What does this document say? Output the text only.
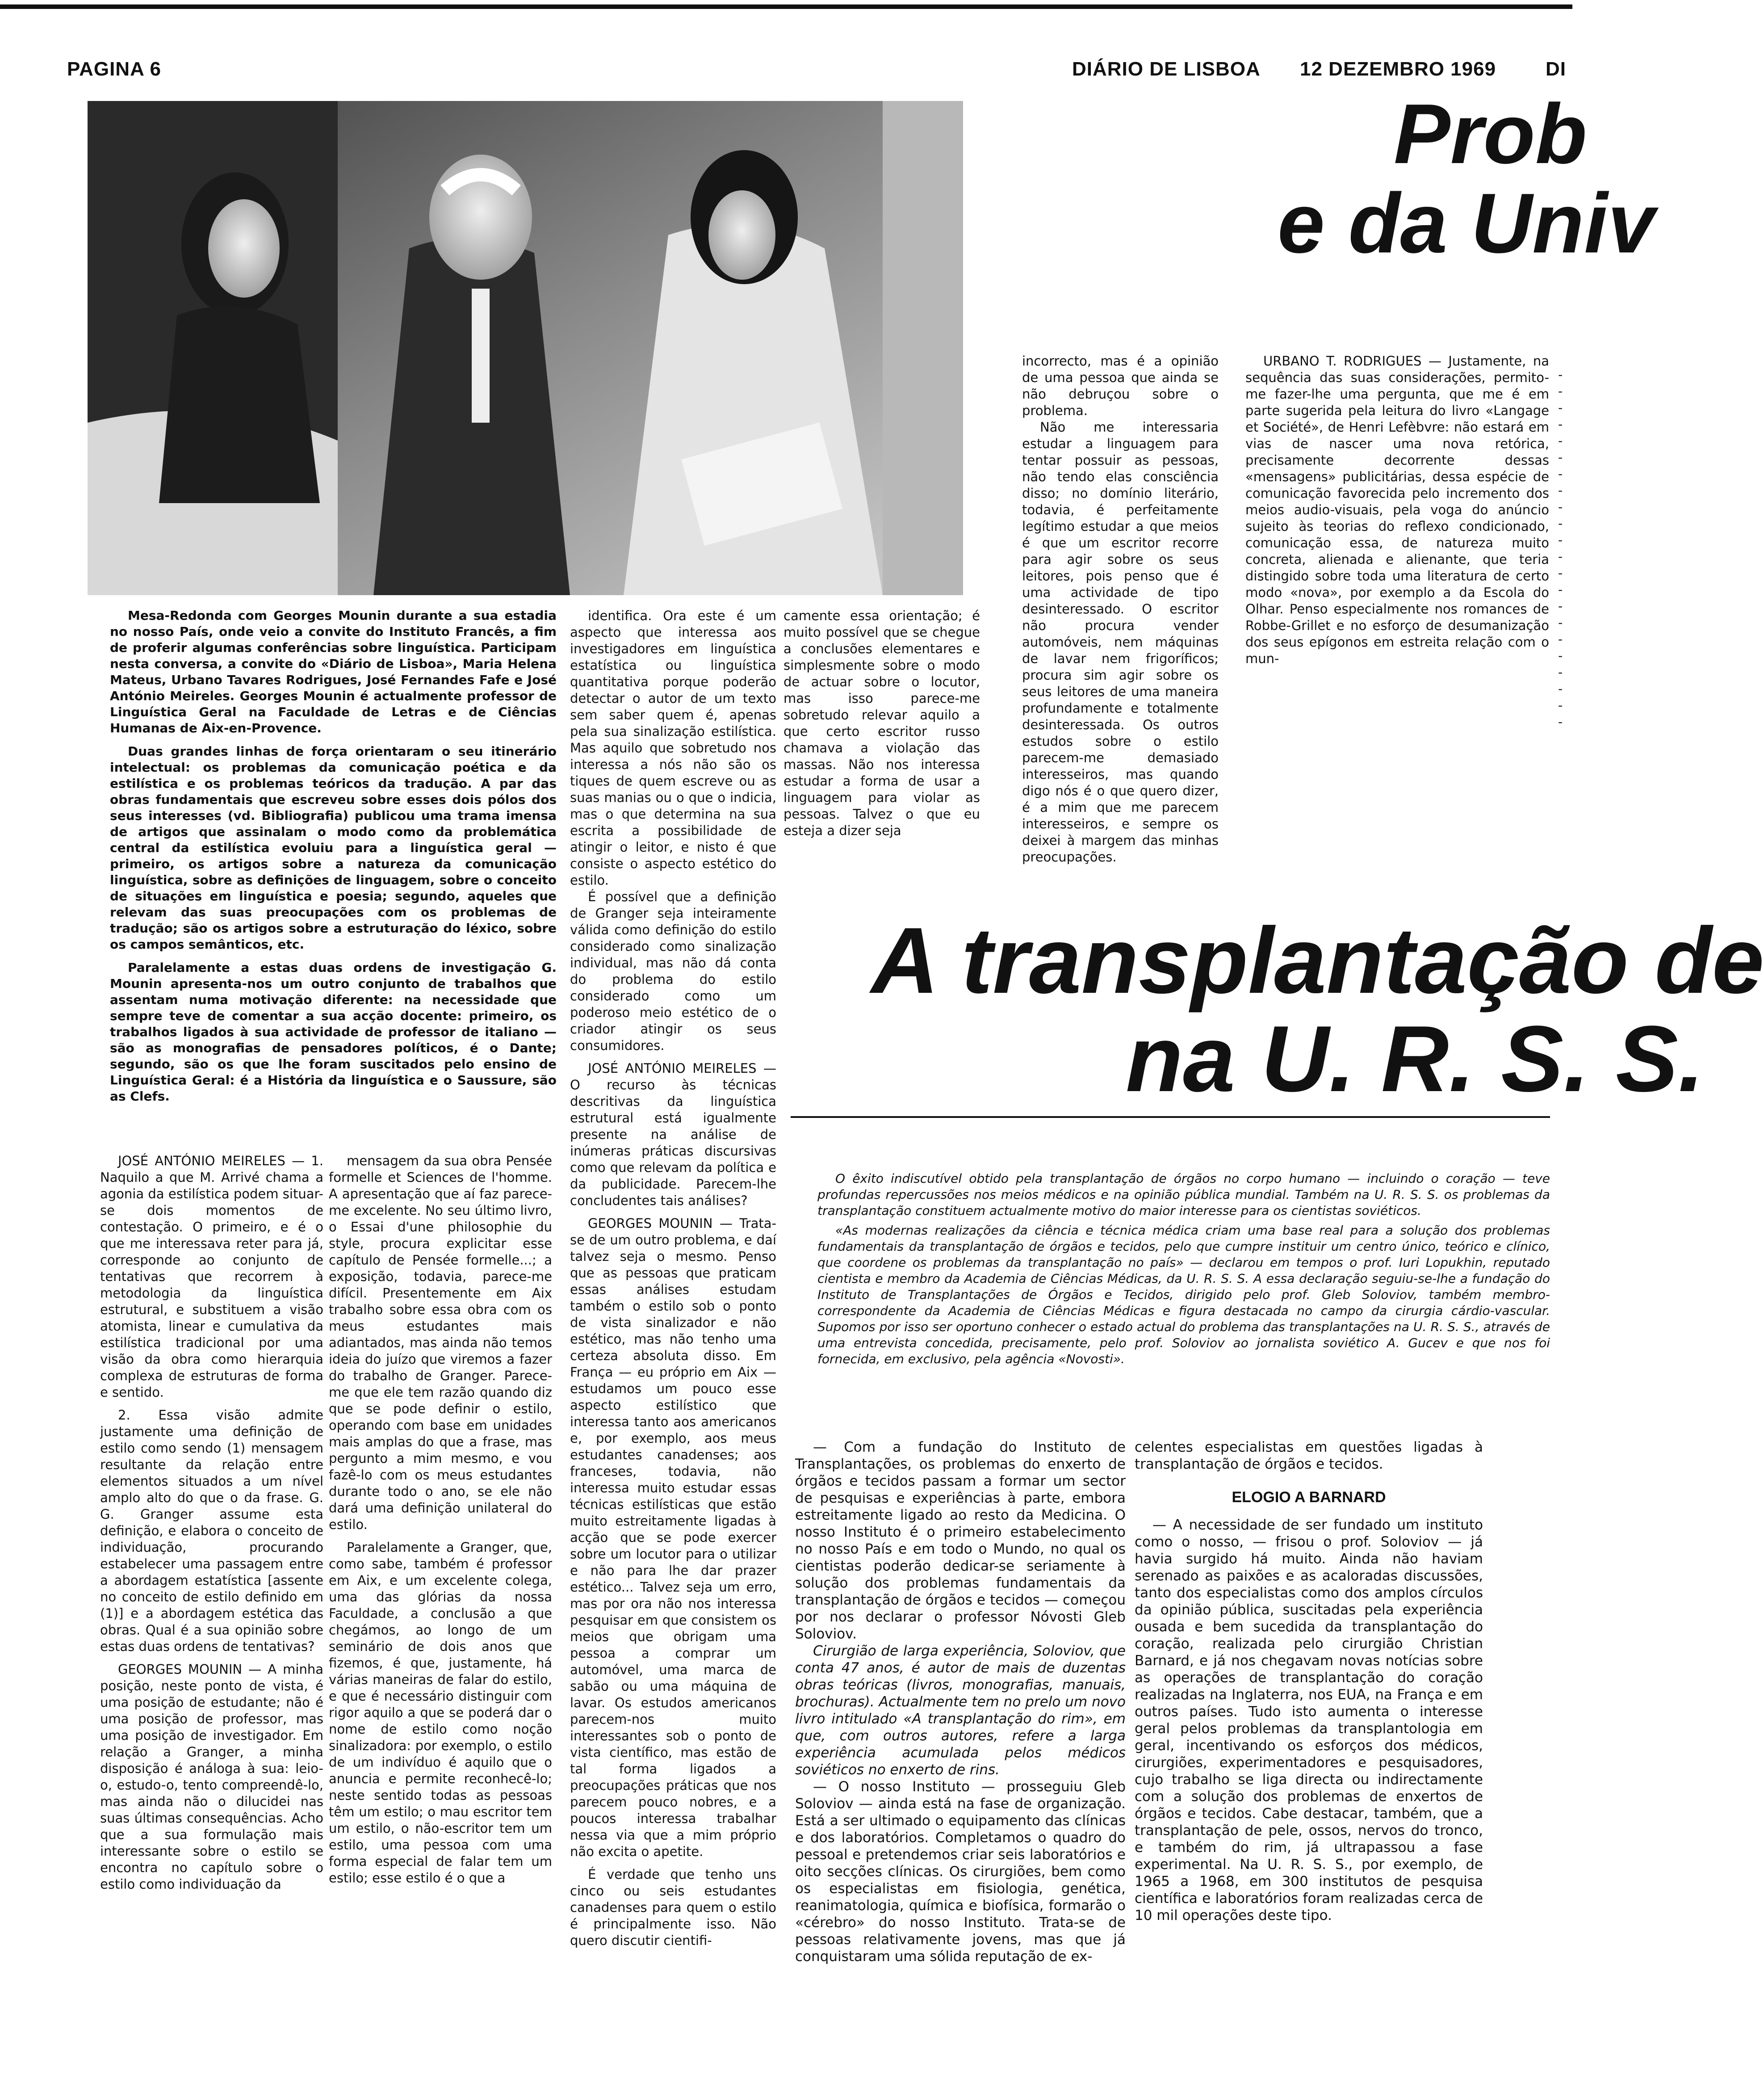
PAGINA 6	DIÁRIO DE LISBOA 12 DEZEMBRO 1969	DI
Prob
e da Univ

Mesa-Redonda com Georges Mounin durante a sua estadia no nosso País, onde veio a convite do Instituto Francês, a fim de proferir algumas conferências sobre linguística. Participam nesta conversa, a convite do «Diário de Lisboa», Maria Helena Mateus, Urbano Tavares Rodrigues, José Fernandes Fafe e José António Meireles. Georges Mounin é actualmente professor de Linguística Geral na Faculdade de Letras e de Ciências Humanas de Aix-en-Provence.

Duas grandes linhas de força orientaram o seu itinerário intelectual: os problemas da comunicação poética e da estilística e os problemas teóricos da tradução. A par das obras fundamentais que escreveu sobre esses dois pólos dos seus interesses (vd. Bibliografia) publicou uma trama imensa de artigos que assinalam o modo como da problemática central da estilística evoluiu para a linguística geral — primeiro, os artigos sobre a natureza da comunicação linguística, sobre as definições de linguagem, sobre o conceito de situações em linguística e poesia; segundo, aqueles que relevam das suas preocupações com os problemas de tradução; são os artigos sobre a estruturação do léxico, sobre os campos semânticos, etc.

Paralelamente a estas duas ordens de investigação G. Mounin apresenta-nos um outro conjunto de trabalhos que assentam numa motivação diferente: na necessidade que sempre teve de comentar a sua acção docente: primeiro, os trabalhos ligados à sua actividade de professor de italiano — são as monografias de pensadores políticos, é o Dante; segundo, são os que lhe foram suscitados pelo ensino de Linguística Geral: é a História da linguística e o Saussure, são as Clefs.

JOSÉ ANTÓNIO MEIRELES — 1. Naquilo a que M. Arrivé chama a agonia da estilística podem situar-se dois momentos de contestação. O primeiro, e é o que me interessava reter para já, corresponde ao conjunto de tentativas que recorrem à metodologia da linguística estrutural, e substituem a visão atomista, linear e cumulativa da estilística tradicional por uma visão da obra como hierarquia complexa de estruturas de forma e sentido.

2. Essa visão admite justamente uma definição de estilo como sendo (1) mensagem resultante da relação entre elementos situados a um nível amplo alto do que o da frase. G. G. Granger assume esta definição, e elabora o conceito de individuação, procurando estabelecer uma passagem entre a abordagem estatística [assente no conceito de estilo definido em (1)] e a abordagem estética das obras. Qual é a sua opinião sobre estas duas ordens de tentativas?

GEORGES MOUNIN — A minha posição, neste ponto de vista, é uma posição de estudante; não é uma posição de professor, mas uma posição de investigador. Em relação a Granger, a minha disposição é análoga à sua: leio-o, estudo-o, tento compreendê-lo, mas ainda não o dilucidei nas suas últimas consequências. Acho que a sua formulação mais interessante sobre o estilo se encontra no capítulo sobre o estilo como individuação da

mensagem da sua obra Pensée formelle et Sciences de l'homme. A apresentação que aí faz parece-me excelente. No seu último livro, o Essai d'une philosophie du style, procura explicitar esse capítulo de Pensée formelle...; a exposição, todavia, parece-me difícil. Presentemente em Aix trabalho sobre essa obra com os meus estudantes mais adiantados, mas ainda não temos ideia do juízo que viremos a fazer do trabalho de Granger. Parece-me que ele tem razão quando diz que se pode definir o estilo, operando com base em unidades mais amplas do que a frase, mas pergunto a mim mesmo, e vou fazê-lo com os meus estudantes durante todo o ano, se ele não dará uma definição unilateral do estilo.

Paralelamente a Granger, que, como sabe, também é professor em Aix, e um excelente colega, uma das glórias da nossa Faculdade, a conclusão a que chegámos, ao longo de um seminário de dois anos que fizemos, é que, justamente, há várias maneiras de falar do estilo, e que é necessário distinguir com rigor aquilo a que se poderá dar o nome de estilo como noção sinalizadora: por exemplo, o estilo de um indivíduo é aquilo que o anuncia e permite reconhecê-lo; neste sentido todas as pessoas têm um estilo; o mau escritor tem um estilo, o não-escritor tem um estilo, uma pessoa com uma forma especial de falar tem um estilo; esse estilo é o que a

identifica. Ora este é um aspecto que interessa aos investigadores em linguística estatística ou linguística quantitativa porque poderão detectar o autor de um texto sem saber quem é, apenas pela sua sinalização estilística. Mas aquilo que sobretudo nos interessa a nós não são os tiques de quem escreve ou as suas manias ou o que o indicia, mas o que determina na sua escrita a possibilidade de atingir o leitor, e nisto é que consiste o aspecto estético do estilo.

É possível que a definição de Granger seja inteiramente válida como definição do estilo considerado como sinalização individual, mas não dá conta do problema do estilo considerado como um poderoso meio estético de o criador atingir os seus consumidores.

JOSÉ ANTÓNIO MEIRELES — O recurso às técnicas descritivas da linguística estrutural está igualmente presente na análise de inúmeras práticas discursivas como que relevam da política e da publicidade. Parecem-lhe concludentes tais análises?

GEORGES MOUNIN — Trata-se de um outro problema, e daí talvez seja o mesmo. Penso que as pessoas que praticam essas análises estudam também o estilo sob o ponto de vista sinalizador e não estético, mas não tenho uma certeza absoluta disso. Em França — eu próprio em Aix — estudamos um pouco esse aspecto estilístico que interessa tanto aos americanos e, por exemplo, aos meus estudantes canadenses; aos franceses, todavia, não interessa muito estudar essas técnicas estilísticas que estão muito estreitamente ligadas à acção que se pode exercer sobre um locutor para o utilizar e não para lhe dar prazer estético... Talvez seja um erro, mas por ora não nos interessa pesquisar em que consistem os meios que obrigam uma pessoa a comprar um automóvel, uma marca de sabão ou uma máquina de lavar. Os estudos americanos parecem-nos muito interessantes sob o ponto de vista científico, mas estão de tal forma ligados a preocupações práticas que nos parecem pouco nobres, e a poucos interessa trabalhar nessa via que a mim próprio não excita o apetite.

É verdade que tenho uns cinco ou seis estudantes canadenses para quem o estilo é principalmente isso. Não quero discutir cientifi-

camente essa orientação; é muito possível que se chegue a conclusões elementares e simplesmente sobre o modo de actuar sobre o locutor, mas isso parece-me sobretudo relevar aquilo a que certo escritor russo chamava a violação das massas. Não nos interessa estudar a forma de usar a linguagem para violar as pessoas. Talvez o que eu esteja a dizer seja

incorrecto, mas é a opinião de uma pessoa que ainda se não debruçou sobre o problema.

Não me interessaria estudar a linguagem para tentar possuir as pessoas, não tendo elas consciência disso; no domínio literário, todavia, é perfeitamente legítimo estudar a que meios é que um escritor recorre para agir sobre os seus leitores, pois penso que é uma actividade de tipo desinteressado. O escritor não procura vender automóveis, nem máquinas de lavar nem frigoríficos; procura sim agir sobre os seus leitores de uma maneira profundamente e totalmente desinteressada. Os outros estudos sobre o estilo parecem-me demasiado interesseiros, mas quando digo nós é o que quero dizer, é a mim que me parecem interesseiros, e sempre os deixei à margem das minhas preocupações.

URBANO T. RODRIGUES — Justamente, na sequência das suas considerações, permito-me fazer-lhe uma pergunta, que me é em parte sugerida pela leitura do livro «Langage et Société», de Henri Lefèbvre: não estará em vias de nascer uma nova retórica, precisamente decorrente dessas «mensagens» publicitárias, dessa espécie de comunicação favorecida pelo incremento dos meios audio-visuais, pela voga do anúncio sujeito às teorias do reflexo condicionado, comunicação essa, de natureza muito concreta, alienada e alienante, que teria distingido sobre toda uma literatura de certo modo «nova», por exemplo a da Escola do Olhar. Penso especialmente nos romances de Robbe-Grillet e no esforço de desumanização dos seus epígonos em estreita relação com o mun-

-
-
-
-
-
-
-
-
-
-
-
-
-
-
-
-
-
-
-
-
-
-
A transplantação de
na U. R. S. S.

O êxito indiscutível obtido pela transplantação de órgãos no corpo humano — incluindo o coração — teve profundas repercussões nos meios médicos e na opinião pública mundial. Também na U. R. S. S. os problemas da transplantação constituem actualmente motivo do maior interesse para os cientistas soviéticos.

«As modernas realizações da ciência e técnica médica criam uma base real para a solução dos problemas fundamentais da transplantação de órgãos e tecidos, pelo que cumpre instituir um centro único, teórico e clínico, que coordene os problemas da transplantação no país» — declarou em tempos o prof. Iuri Lopukhin, reputado cientista e membro da Academia de Ciências Médicas, da U. R. S. S. A essa declaração seguiu-se-lhe a fundação do Instituto de Transplantações de Órgãos e Tecidos, dirigido pelo prof. Gleb Soloviov, também membro-correspondente da Academia de Ciências Médicas e figura destacada no campo da cirurgia cárdio-vascular. Supomos por isso ser oportuno conhecer o estado actual do problema das transplantações na U. R. S. S., através de uma entrevista concedida, precisamente, pelo prof. Soloviov ao jornalista soviético A. Gucev e que nos foi fornecida, em exclusivo, pela agência «Novosti».

— Com a fundação do Instituto de Transplantações, os problemas do enxerto de órgãos e tecidos passam a formar um sector de pesquisas e experiências à parte, embora estreitamente ligado ao resto da Medicina. O nosso Instituto é o primeiro estabelecimento no nosso País e em todo o Mundo, no qual os cientistas poderão dedicar-se seriamente à solução dos problemas fundamentais da transplantação de órgãos e tecidos — começou por nos declarar o professor Nóvosti Gleb Soloviov.

Cirurgião de larga experiência, Soloviov, que conta 47 anos, é autor de mais de duzentas obras teóricas (livros, monografias, manuais, brochuras). Actualmente tem no prelo um novo livro intitulado «A transplantação do rim», em que, com outros autores, refere a larga experiência acumulada pelos médicos soviéticos no enxerto de rins.

— O nosso Instituto — prosseguiu Gleb Soloviov — ainda está na fase de organização. Está a ser ultimado o equipamento das clínicas e dos laboratórios. Completamos o quadro do pessoal e pretendemos criar seis laboratórios e oito secções clínicas. Os cirurgiões, bem como os especialistas em fisiologia, genética, reanimatologia, química e biofísica, formarão o «cérebro» do nosso Instituto. Trata-se de pessoas relativamente jovens, mas que já conquistaram uma sólida reputação de ex-

celentes especialistas em questões ligadas à transplantação de órgãos e tecidos.

ELOGIO A BARNARD

— A necessidade de ser fundado um instituto como o nosso, — frisou o prof. Soloviov — já havia surgido há muito. Ainda não haviam serenado as paixões e as acaloradas discussões, tanto dos especialistas como dos amplos círculos da opinião pública, suscitadas pela experiência ousada e bem sucedida da transplantação do coração, realizada pelo cirurgião Christian Barnard, e já nos chegavam novas notícias sobre as operações de transplantação do coração realizadas na Inglaterra, nos EUA, na França e em outros países. Tudo isto aumenta o interesse geral pelos problemas da transplantologia em geral, incentivando os esforços dos médicos, cirurgiões, experimentadores e pesquisadores, cujo trabalho se liga directa ou indirectamente com a solução dos problemas de enxertos de órgãos e tecidos. Cabe destacar, também, que a transplantação de pele, ossos, nervos do tronco, e também do rim, já ultrapassou a fase experimental. Na U. R. S. S., por exemplo, de 1965 a 1968, em 300 institutos de pesquisa científica e laboratórios foram realizadas cerca de 10 mil operações deste tipo.
